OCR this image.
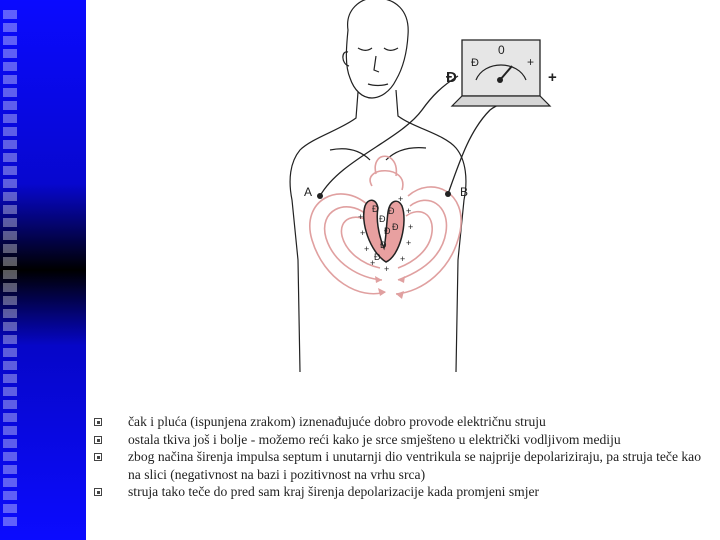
Đ
Đ
Đ
Đ
Đ
Đ
Đ
+
+
+
+
+
+
+
+
+
+
A	B
0
Đ	+
Đ	+
čak i pluća (ispunjena zrakom) iznenađujuće dobro provode električnu struju
ostala tkiva još i bolje - možemo reći kako je srce smješteno u električki vodljivom mediju
zbog načina širenja impulsa septum i unutarnji dio ventrikula se najprije depolariziraju, pa struja teče kao na slici (negativnost na bazi i pozitivnost na vrhu srca)
struja tako teče do pred sam kraj širenja depolarizacije kada promjeni smjer
